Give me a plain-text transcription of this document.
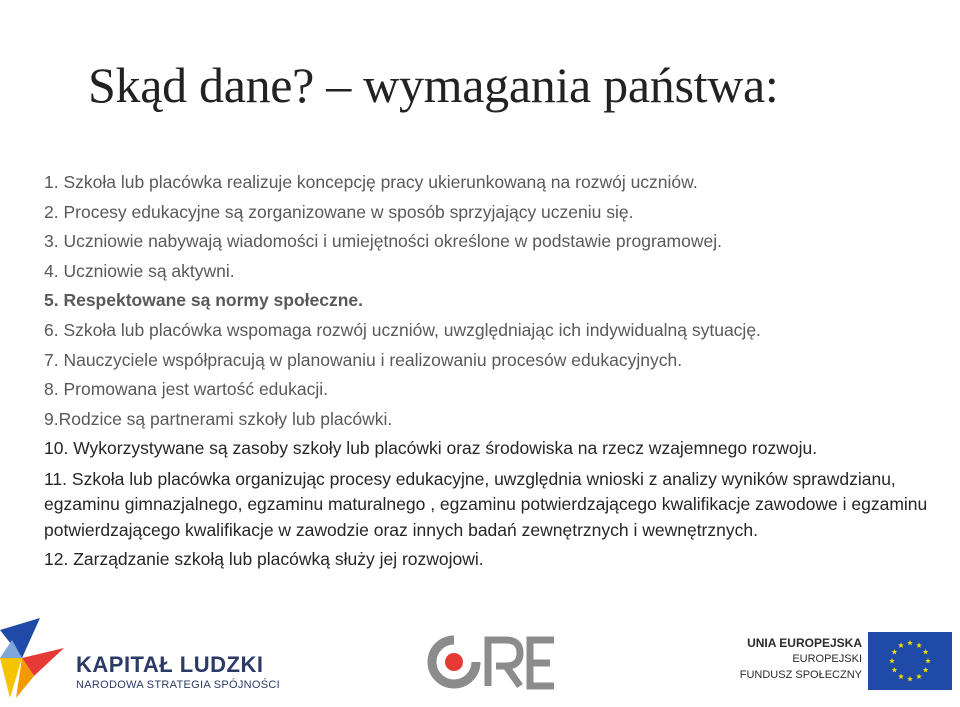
Skąd dane? – wymagania państwa:
1. Szkoła lub placówka realizuje koncepcję pracy ukierunkowaną na rozwój uczniów.
2. Procesy edukacyjne są zorganizowane w sposób sprzyjający uczeniu się.
3. Uczniowie nabywają wiadomości i umiejętności określone w podstawie programowej.
4. Uczniowie są aktywni.
5. Respektowane są normy społeczne.
6. Szkoła lub placówka wspomaga rozwój uczniów, uwzględniając ich indywidualną sytuację.
7. Nauczyciele współpracują w planowaniu i realizowaniu procesów edukacyjnych.
8. Promowana jest wartość edukacji.
9.Rodzice są partnerami szkoły lub placówki.
10. Wykorzystywane są zasoby szkoły lub placówki oraz środowiska na rzecz wzajemnego rozwoju.
11. Szkoła lub placówka organizując procesy edukacyjne, uwzględnia wnioski z analizy wyników sprawdzianu, egzaminu gimnazjalnego, egzaminu maturalnego , egzaminu potwierdzającego kwalifikacje zawodowe i egzaminu potwierdzającego kwalifikacje w zawodzie oraz innych badań zewnętrznych i wewnętrznych.
12. Zarządzanie szkołą lub placówką służy jej rozwojowi.
KAPITAŁ LUDZKI
NARODOWA STRATEGIA SPÓJNOŚCI
UNIA EUROPEJSKA
EUROPEJSKI
FUNDUSZ SPOŁECZNY
